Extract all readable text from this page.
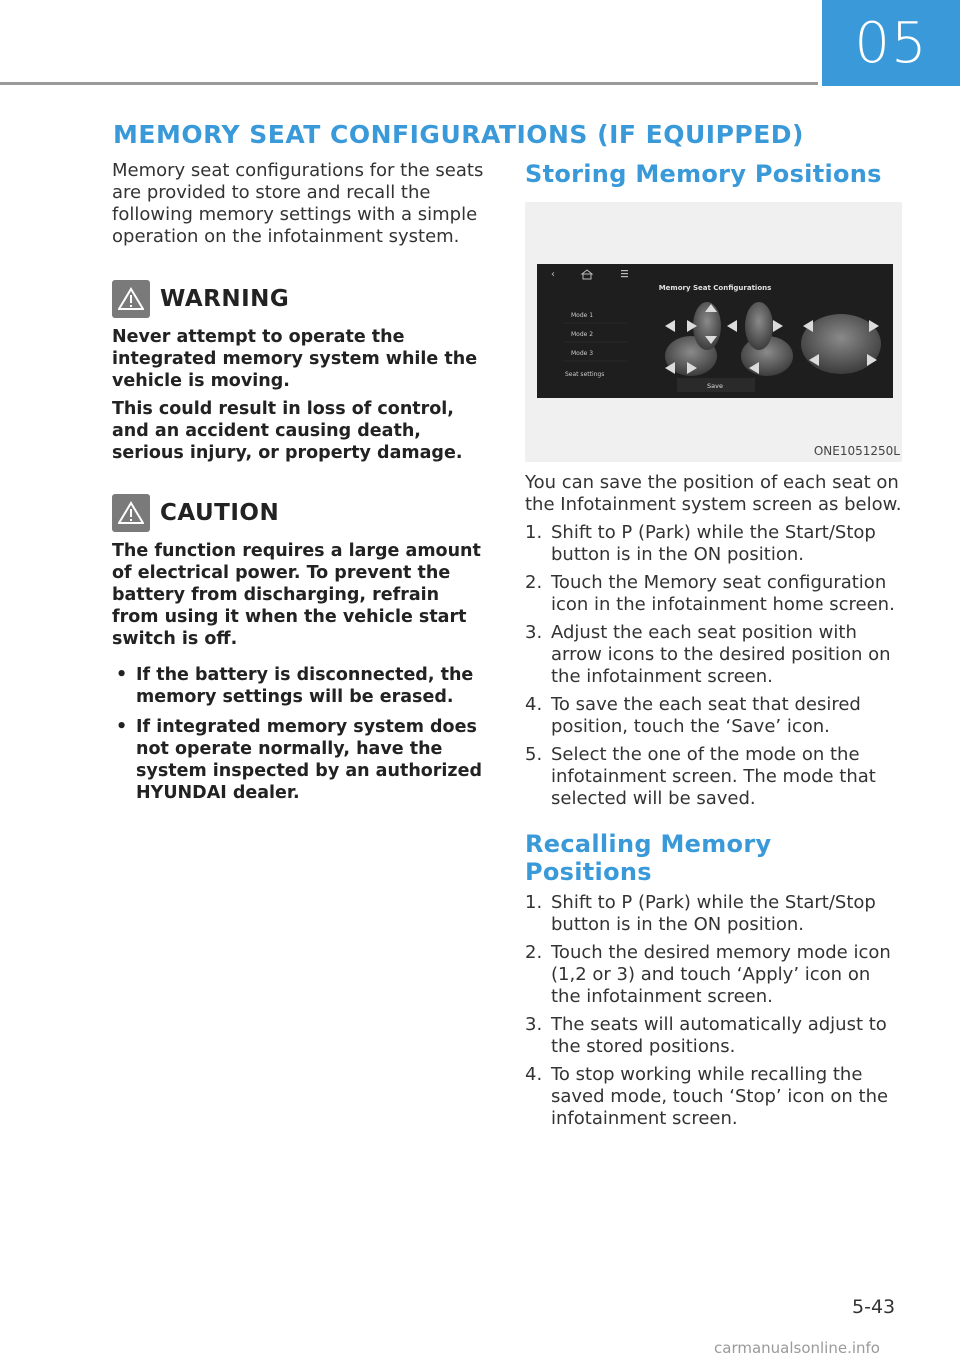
05
MEMORY SEAT CONFIGURATIONS (IF EQUIPPED)

Memory seat configurations for the seats are provided to store and recall the following memory settings with a simple operation on the infotainment system.

WARNING

Never attempt to operate the integrated memory system while the vehicle is moving.

This could result in loss of control, and an accident causing death, serious injury, or property damage.

CAUTION

The function requires a large amount of electrical power. To prevent the battery from discharging, refrain from using it when the vehicle start switch is off.

• If the battery is disconnected, the memory settings will be erased.
• If integrated memory system does not operate normally, have the system inspected by an authorized HYUNDAI dealer.
Storing Memory Positions
‹
Memory Seat Configurations
Mode 1
Mode 2
Mode 3
Seat settings
Save
ONE1051250L

You can save the position of each seat on the Infotainment system screen as below.

1. Shift to P (Park) while the Start/Stop button is in the ON position.
2. Touch the Memory seat configuration icon in the infotainment home screen.
3. Adjust the each seat position with arrow icons to the desired position on the infotainment screen.
4. To save the each seat that desired position, touch the ‘Save’ icon.
5. Select the one of the mode on the infotainment screen. The mode that selected will be saved.
Recalling Memory Positions
1. Shift to P (Park) while the Start/Stop button is in the ON position.
2. Touch the desired memory mode icon (1,2 or 3) and touch ‘Apply’ icon on the infotainment screen.
3. The seats will automatically adjust to the stored positions.
4. To stop working while recalling the saved mode, touch ‘Stop’ icon on the infotainment screen.
5-43
carmanualsonline.info
